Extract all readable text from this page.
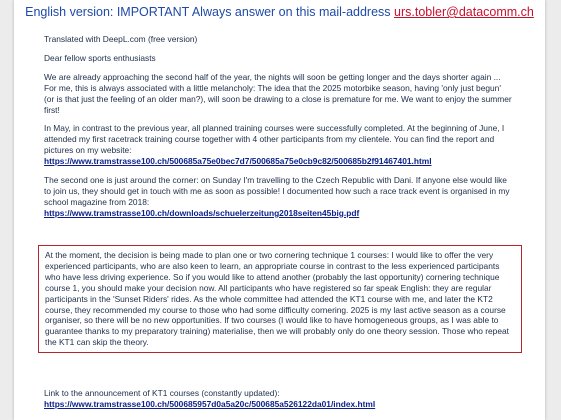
English version: IMPORTANT Always answer on this mail-address urs.tobler@datacomm.ch
Translated with DeepL.com (free version)
Dear fellow sports enthusiasts
We are already approaching the second half of the year, the nights will soon be getting longer and the days shorter again ... For me, this is always associated with a little melancholy: The idea that the 2025 motorbike season, having 'only just begun' (or is that just the feeling of an older man?), will soon be drawing to a close is premature for me. We want to enjoy the summer first!
In May, in contrast to the previous year, all planned training courses were successfully completed. At the beginning of June, I attended my first racetrack training course together with 4 other participants from my clientele. You can find the report and pictures on my website:
https://www.tramstrasse100.ch/500685a75e0bec7d7/500685a75e0cb9c82/500685b2f91467401.html
The second one is just around the corner: on Sunday I'm travelling to the Czech Republic with Dani. If anyone else would like to join us, they should get in touch with me as soon as possible! I documented how such a race track event is organised in my school magazine from 2018:
https://www.tramstrasse100.ch/downloads/schuelerzeitung2018seiten45big.pdf
At the moment, the decision is being made to plan one or two cornering technique 1 courses: I would like to offer the very experienced participants, who are also keen to learn, an appropriate course in contrast to the less experienced participants who have less driving experience. So if you would like to attend another (probably the last opportunity) cornering technique course 1, you should make your decision now. All participants who have registered so far speak English: they are regular participants in the 'Sunset Riders' rides. As the whole committee had attended the KT1 course with me, and later the KT2 course, they recommended my course to those who had some difficulty cornering. 2025 is my last active season as a course organiser, so there will be no new opportunities. If two courses (I would like to have homogeneous groups, as I was able to guarantee thanks to my preparatory training) materialise, then we will probably only do one theory session. Those who repeat the KT1 can skip the theory.
Link to the announcement of KT1 courses (constantly updated):
https://www.tramstrasse100.ch/500685957d0a5a20c/500685a526122da01/index.html
